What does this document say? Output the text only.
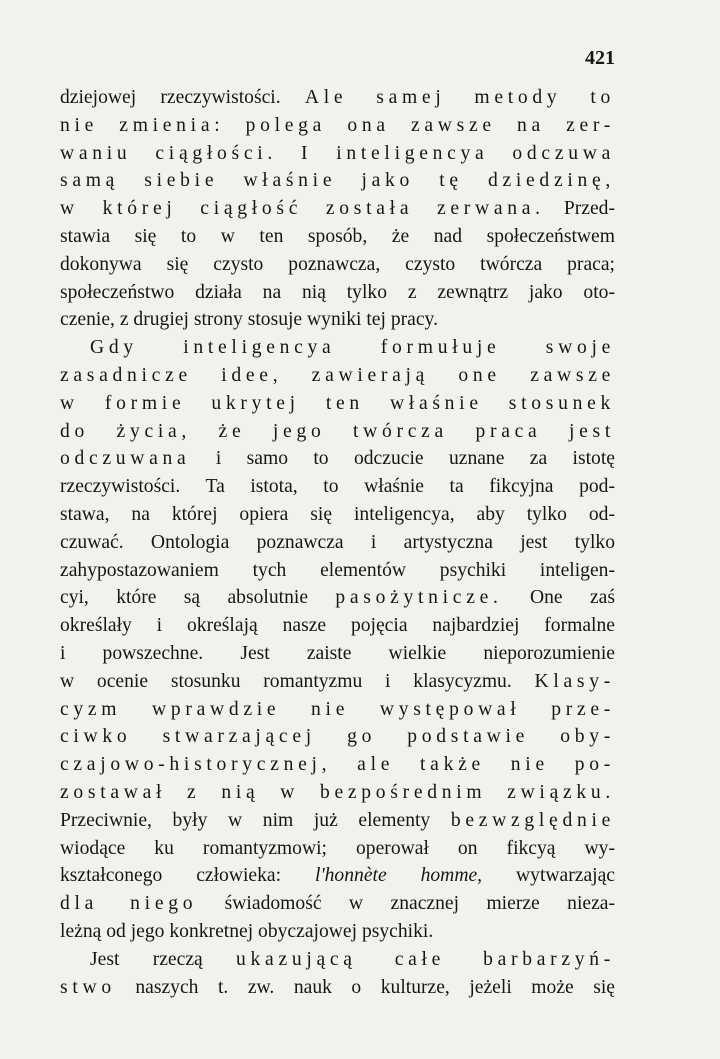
421
dziejowej rzeczywistości. Ale samej metody to
nie zmienia: polega ona zawsze na zer-
waniu ciągłości. I inteligencya odczuwa
samą siebie właśnie jako tę dziedzinę,
w której ciągłość została zerwana. Przed-
stawia się to w ten sposób, że nad społeczeństwem
dokonywa się czysto poznawcza, czysto twórcza praca;
społeczeństwo działa na nią tylko z zewnątrz jako oto-
czenie, z drugiej strony stosuje wyniki tej pracy.
Gdy inteligencya formułuje swoje
zasadnicze idee, zawierają one zawsze
w formie ukrytej ten właśnie stosunek
do życia, że jego twórcza praca jest
odczuwana i samo to odczucie uznane za istotę
rzeczywistości. Ta istota, to właśnie ta fikcyjna pod-
stawa, na której opiera się inteligencya, aby tylko od-
czuwać. Ontologia poznawcza i artystyczna jest tylko
zahypostazowaniem tych elementów psychiki inteligen-
cyi, które są absolutnie pasożytnicze. One zaś
określały i określają nasze pojęcia najbardziej formalne
i powszechne. Jest zaiste wielkie nieporozumienie
w ocenie stosunku romantyzmu i klasycyzmu. Klasy-
cyzm wprawdzie nie występował prze-
ciwko stwarzającej go podstawie oby-
czajowo-historycznej, ale także nie po-
zostawał z nią w bezpośrednim związku.
Przeciwnie, były w nim już elementy bezwzględnie
wiodące ku romantyzmowi; operował on fikcyą wy-
kształconego człowieka: l'honnète homme, wytwarzając
dla niego świadomość w znacznej mierze nieza-
leżną od jego konkretnej obyczajowej psychiki.
Jest rzeczą ukazującą całe barbarzyń-
stwo naszych t. zw. nauk o kulturze, jeżeli może się
